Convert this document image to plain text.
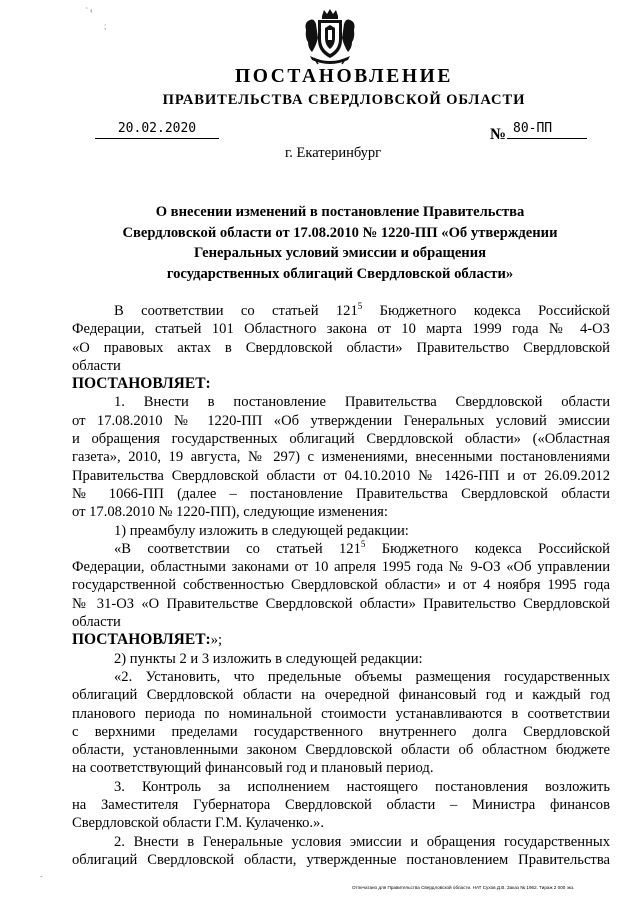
‘ ‹
;
-
ПОСТАНОВЛЕНИЕ
ПРАВИТЕЛЬСТВА СВЕРДЛОВСКОЙ ОБЛАСТИ
20.02.2020	№ 80-ПП
г. Екатеринбург
О внесении изменений в постановление Правительства
Свердловской области от 17.08.2010 № 1220-ПП «Об утверждении
Генеральных условий эмиссии и обращения
государственных облигаций Свердловской области»
В соответствии со статьей $121^5$ Бюджетного кодекса Российской
Федерации, статьей 101 Областного закона от 10 марта 1999 года № 4-ОЗ
«О правовых актах в Свердловской области» Правительство Свердловской
области
ПОСТАНОВЛЯЕТ:
1. Внести в постановление Правительства Свердловской области
от 17.08.2010 № 1220-ПП «Об утверждении Генеральных условий эмиссии
и обращения государственных облигаций Свердловской области» («Областная
газета», 2010, 19 августа, № 297) с изменениями, внесенными постановлениями
Правительства Свердловской области от 04.10.2010 № 1426-ПП и от 26.09.2012
№ 1066-ПП (далее – постановление Правительства Свердловской области
от 17.08.2010 № 1220-ПП), следующие изменения:
1) преамбулу изложить в следующей редакции:
«В соответствии со статьей $121^5$ Бюджетного кодекса Российской
Федерации, областными законами от 10 апреля 1995 года № 9-ОЗ «Об управлении
государственной собственностью Свердловской области» и от 4 ноября 1995 года
№ 31-ОЗ «О Правительстве Свердловской области» Правительство Свердловской
области
ПОСТАНОВЛЯЕТ:»;
2) пункты 2 и 3 изложить в следующей редакции:
«2. Установить, что предельные объемы размещения государственных
облигаций Свердловской области на очередной финансовый год и каждый год
планового периода по номинальной стоимости устанавливаются в соответствии
с верхними пределами государственного внутреннего долга Свердловской
области, установленными законом Свердловской области об областном бюджете
на соответствующий финансовый год и плановый период.
3. Контроль за исполнением настоящего постановления возложить
на Заместителя Губернатора Свердловской области – Министра финансов
Свердловской области Г.М. Кулаченко.».
2. Внести в Генеральные условия эмиссии и обращения государственных
облигаций Свердловской области, утвержденные постановлением Правительства
Отпечатано для Правительства Свердловской области. НАТ Сухов Д.В. Заказ № 1962. Тираж 2 000 экз.
